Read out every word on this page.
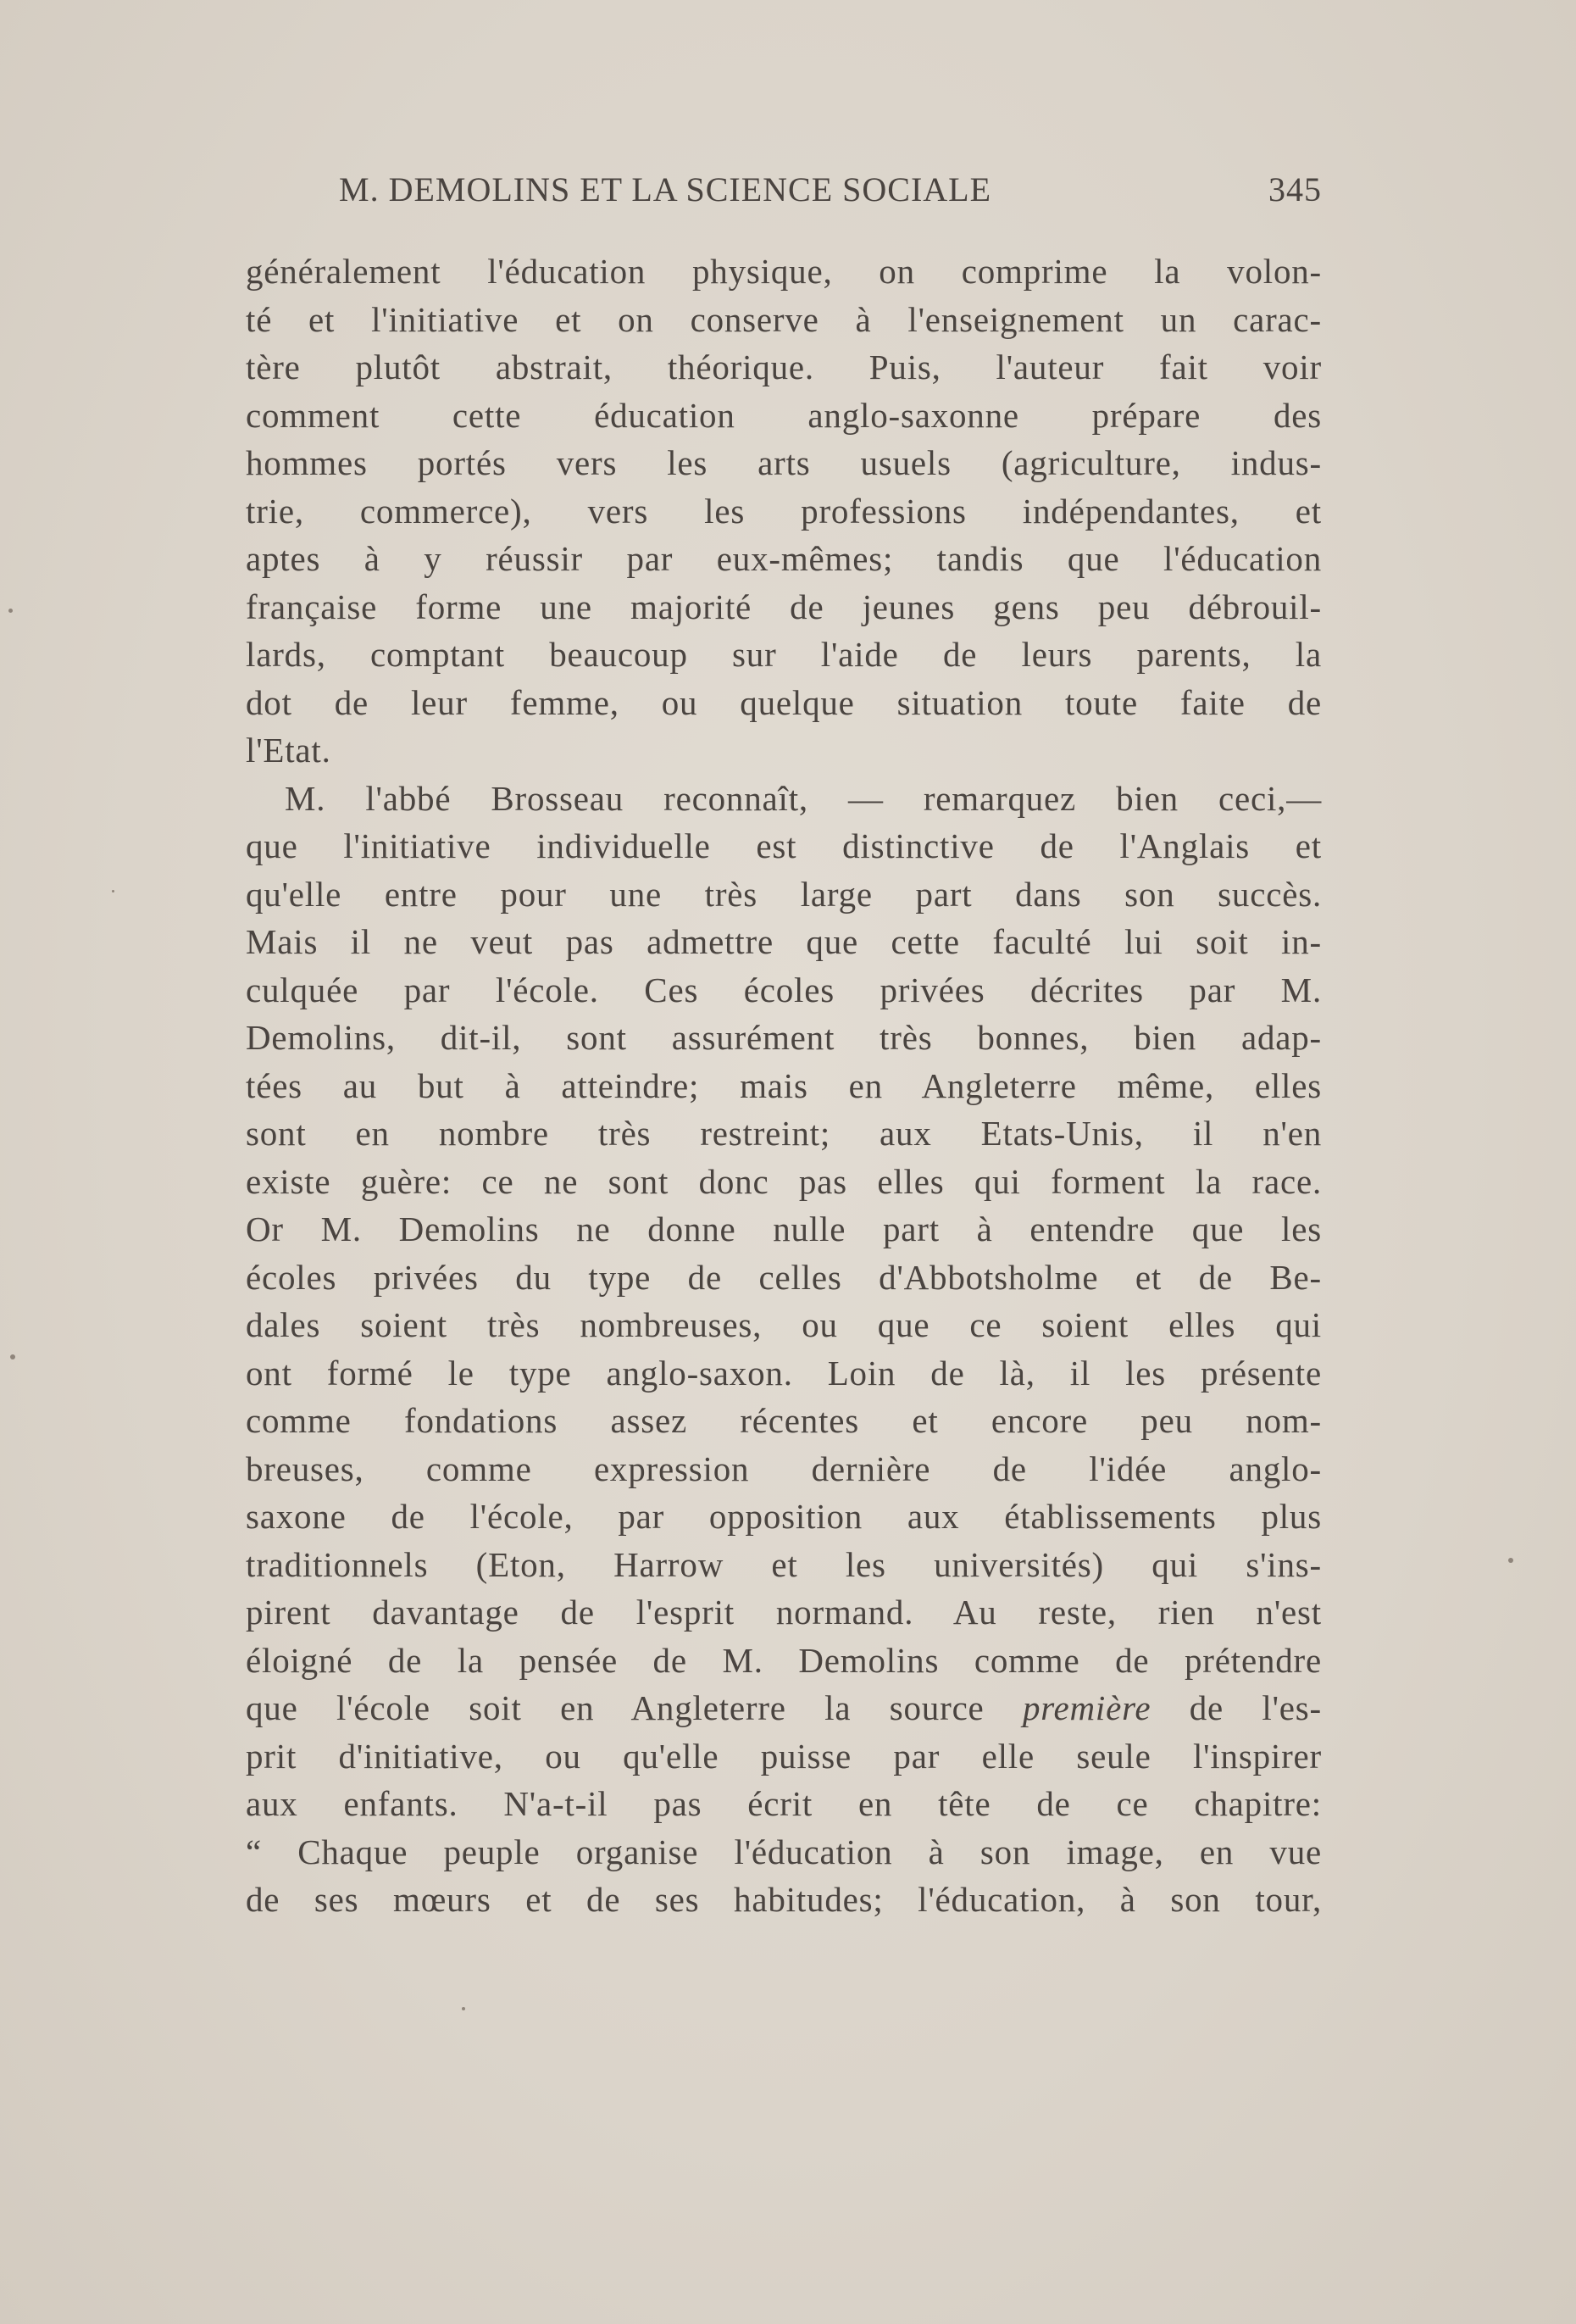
M. DEMOLINS ET LA SCIENCE SOCIALE	345
généralement l'éducation physique, on comprime la volon-
té et l'initiative et on conserve à l'enseignement un carac-
tère plutôt abstrait, théorique. Puis, l'auteur fait voir
comment cette éducation anglo-saxonne prépare des
hommes portés vers les arts usuels (agriculture, indus-
trie, commerce), vers les professions indépendantes, et
aptes à y réussir par eux-mêmes; tandis que l'éducation
française forme une majorité de jeunes gens peu débrouil-
lards, comptant beaucoup sur l'aide de leurs parents, la
dot de leur femme, ou quelque situation toute faite de
l'Etat.
M. l'abbé Brosseau reconnaît, — remarquez bien ceci,—
que l'initiative individuelle est distinctive de l'Anglais et
qu'elle entre pour une très large part dans son succès.
Mais il ne veut pas admettre que cette faculté lui soit in-
culquée par l'école. Ces écoles privées décrites par M.
Demolins, dit-il, sont assurément très bonnes, bien adap-
tées au but à atteindre; mais en Angleterre même, elles
sont en nombre très restreint; aux Etats-Unis, il n'en
existe guère: ce ne sont donc pas elles qui forment la race.
Or M. Demolins ne donne nulle part à entendre que les
écoles privées du type de celles d'Abbotsholme et de Be-
dales soient très nombreuses, ou que ce soient elles qui
ont formé le type anglo-saxon. Loin de là, il les présente
comme fondations assez récentes et encore peu nom-
breuses, comme expression dernière de l'idée anglo-
saxone de l'école, par opposition aux établissements plus
traditionnels (Eton, Harrow et les universités) qui s'ins-
pirent davantage de l'esprit normand. Au reste, rien n'est
éloigné de la pensée de M. Demolins comme de prétendre
que l'école soit en Angleterre la source première de l'es-
prit d'initiative, ou qu'elle puisse par elle seule l'inspirer
aux enfants. N'a-t-il pas écrit en tête de ce chapitre:
“ Chaque peuple organise l'éducation à son image, en vue
de ses mœurs et de ses habitudes; l'éducation, à son tour,
